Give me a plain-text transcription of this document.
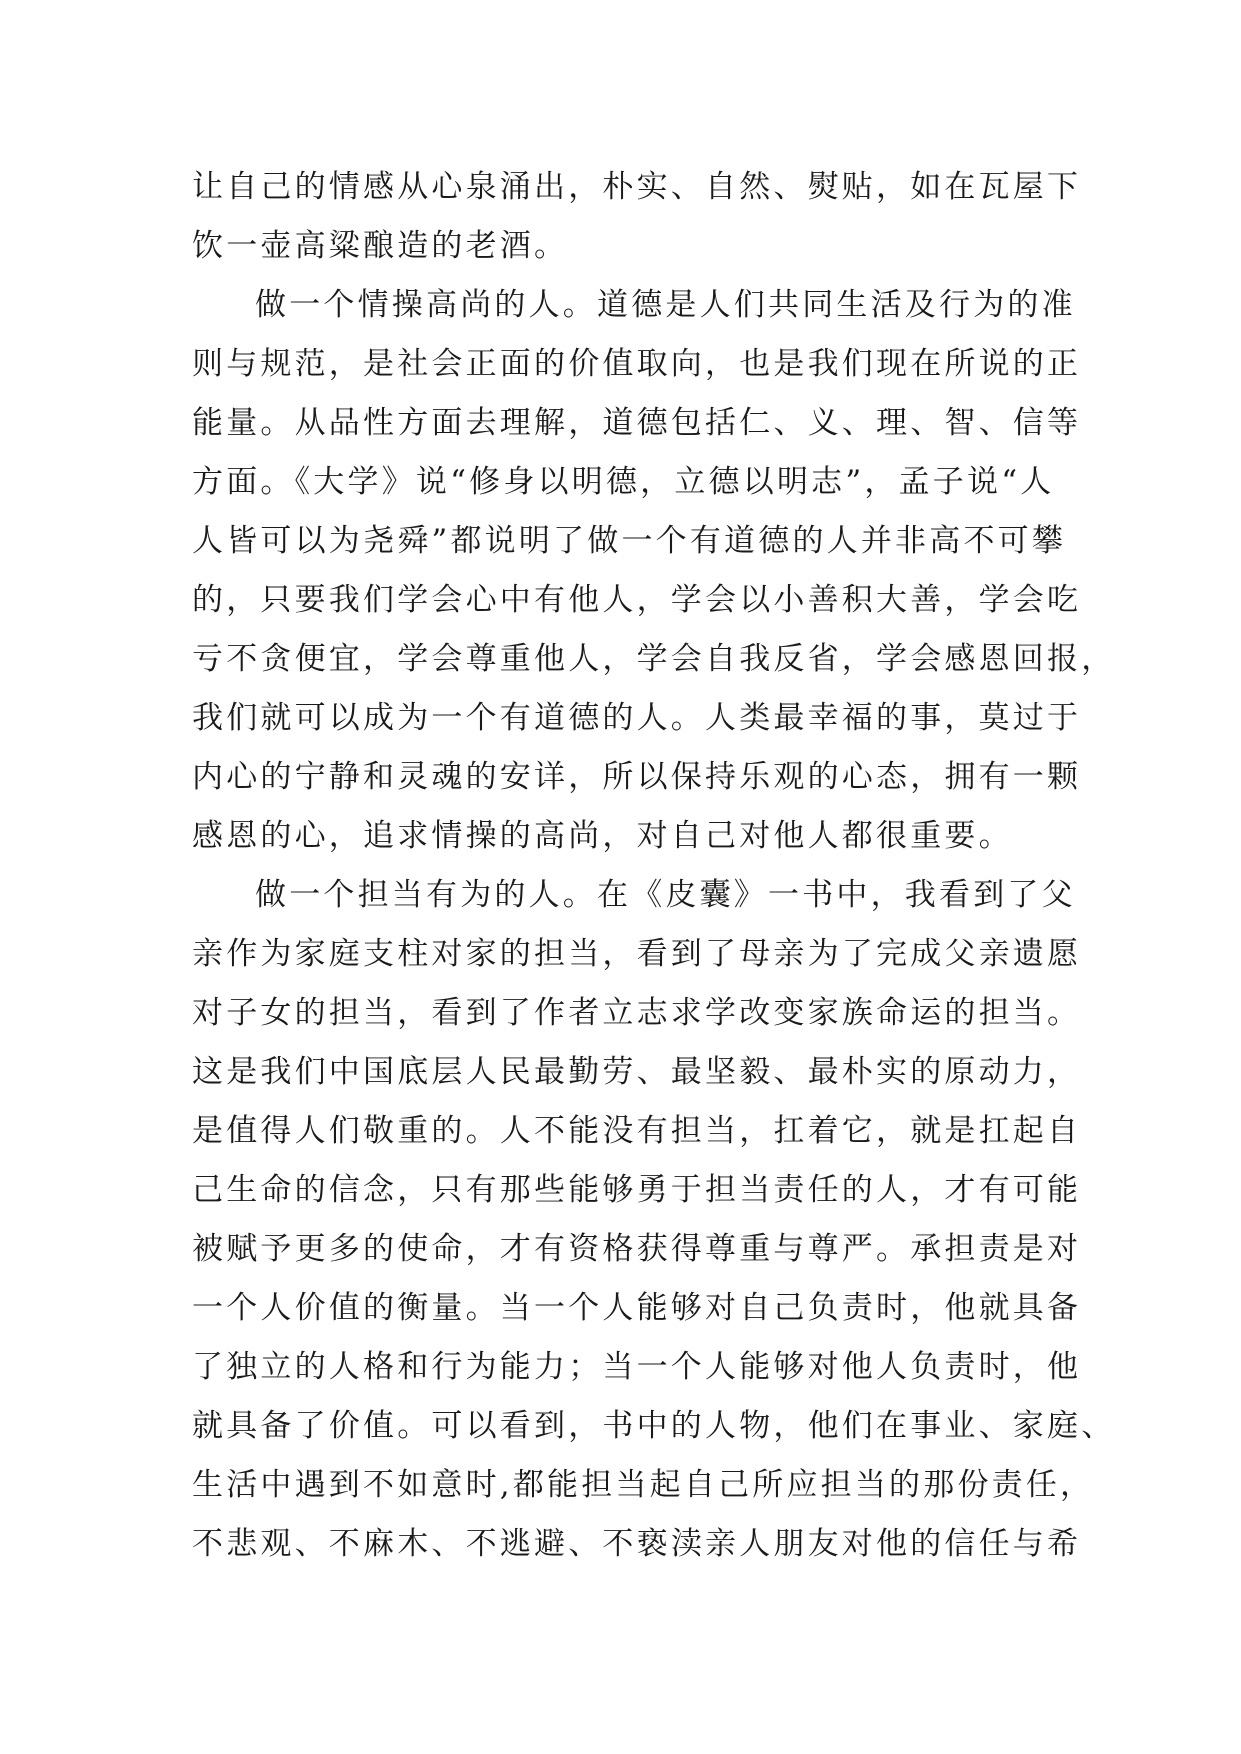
让自己的情感从心泉涌出，朴实、自然、熨贴，如在瓦屋下
饮一壶高粱酿造的老酒。
做一个情操高尚的人。道德是人们共同生活及行为的准
则与规范，是社会正面的价值取向，也是我们现在所说的正
能量。从品性方面去理解，道德包括仁、义、理、智、信等
方面。《大学》说“修身以明德，立德以明志”，孟子说“人
人皆可以为尧舜”都说明了做一个有道德的人并非高不可攀
的，只要我们学会心中有他人，学会以小善积大善，学会吃
亏不贪便宜，学会尊重他人，学会自我反省，学会感恩回报，
我们就可以成为一个有道德的人。人类最幸福的事，莫过于
内心的宁静和灵魂的安详，所以保持乐观的心态，拥有一颗
感恩的心，追求情操的高尚，对自己对他人都很重要。
做一个担当有为的人。在《皮囊》一书中，我看到了父
亲作为家庭支柱对家的担当，看到了母亲为了完成父亲遗愿
对子女的担当，看到了作者立志求学改变家族命运的担当。
这是我们中国底层人民最勤劳、最坚毅、最朴实的原动力，
是值得人们敬重的。人不能没有担当，扛着它，就是扛起自
己生命的信念，只有那些能够勇于担当责任的人，才有可能
被赋予更多的使命，才有资格获得尊重与尊严。承担责是对
一个人价值的衡量。当一个人能够对自己负责时，他就具备
了独立的人格和行为能力；当一个人能够对他人负责时，他
就具备了价值。可以看到，书中的人物，他们在事业、家庭、
生活中遇到不如意时,都能担当起自己所应担当的那份责任，
不悲观、不麻木、不逃避、不亵渎亲人朋友对他的信任与希
